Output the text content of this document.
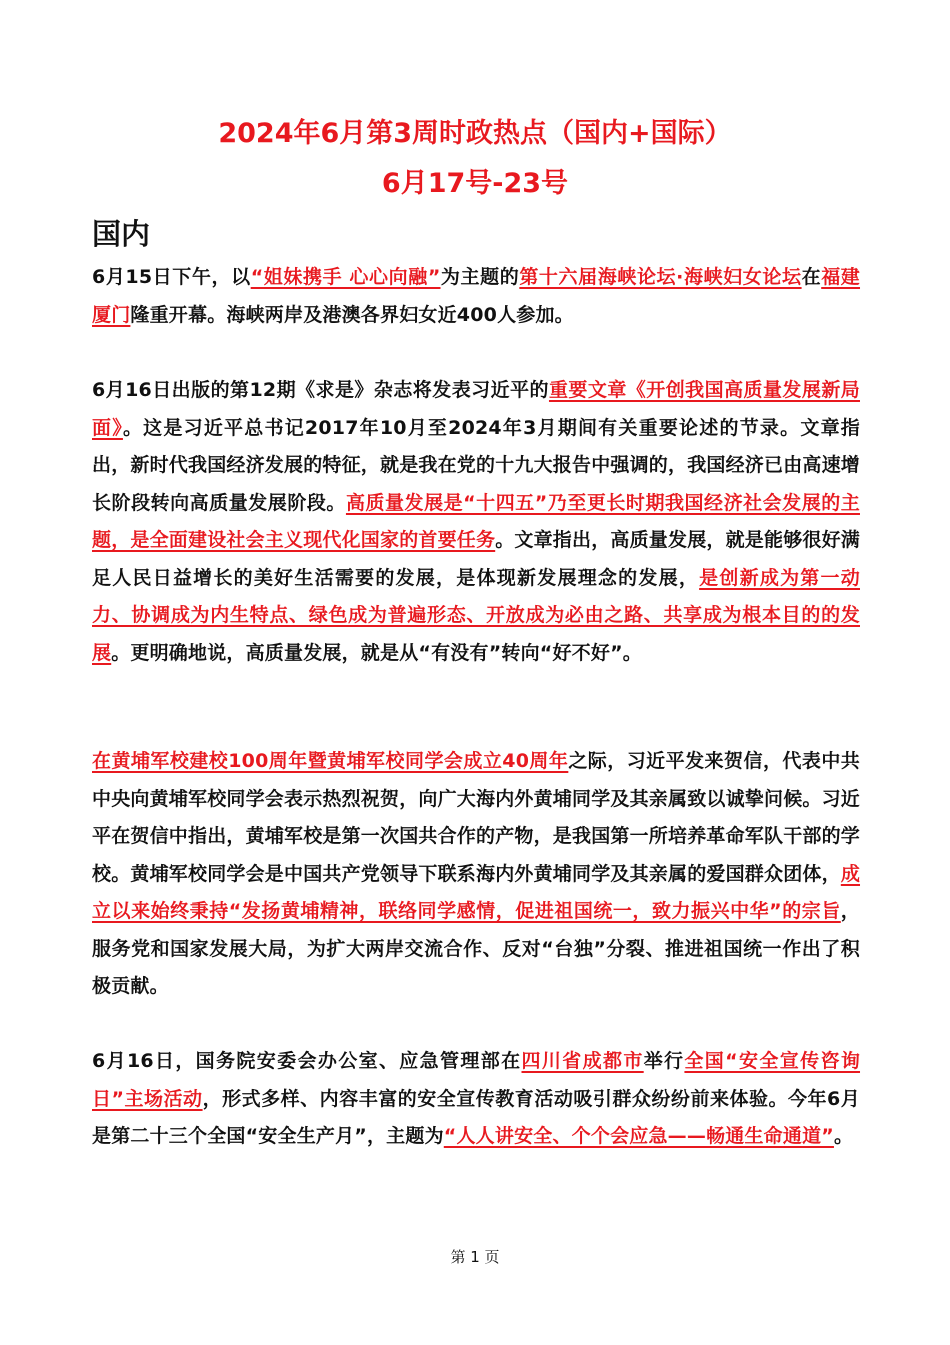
2024年6月第3周时政热点（国内+国际）
6月17号-23号
国内

6月15日下午，以“姐妹携手 心心向融”为主题的第十六届海峡论坛·海峡妇女论坛在福建厦门隆重开幕。海峡两岸及港澳各界妇女近400人参加。

6月16日出版的第12期《求是》杂志将发表习近平的重要文章《开创我国高质量发展新局面》。这是习近平总书记2017年10月至2024年3月期间有关重要论述的节录。文章指出，新时代我国经济发展的特征，就是我在党的十九大报告中强调的，我国经济已由高速增长阶段转向高质量发展阶段。高质量发展是“十四五”乃至更长时期我国经济社会发展的主题，是全面建设社会主义现代化国家的首要任务。文章指出，高质量发展，就是能够很好满足人民日益增长的美好生活需要的发展，是体现新发展理念的发展，是创新成为第一动力、协调成为内生特点、绿色成为普遍形态、开放成为必由之路、共享成为根本目的的发展。更明确地说，高质量发展，就是从“有没有”转向“好不好”。

在黄埔军校建校100周年暨黄埔军校同学会成立40周年之际，习近平发来贺信，代表中共中央向黄埔军校同学会表示热烈祝贺，向广大海内外黄埔同学及其亲属致以诚挚问候。习近平在贺信中指出，黄埔军校是第一次国共合作的产物，是我国第一所培养革命军队干部的学校。黄埔军校同学会是中国共产党领导下联系海内外黄埔同学及其亲属的爱国群众团体，成立以来始终秉持“发扬黄埔精神，联络同学感情，促进祖国统一，致力振兴中华”的宗旨，服务党和国家发展大局，为扩大两岸交流合作、反对“台独”分裂、推进祖国统一作出了积极贡献。

6月16日，国务院安委会办公室、应急管理部在四川省成都市举行全国“安全宣传咨询日”主场活动，形式多样、内容丰富的安全宣传教育活动吸引群众纷纷前来体验。今年6月是第二十三个全国“安全生产月”，主题为“人人讲安全、个个会应急——畅通生命通道”。

第 1 页
